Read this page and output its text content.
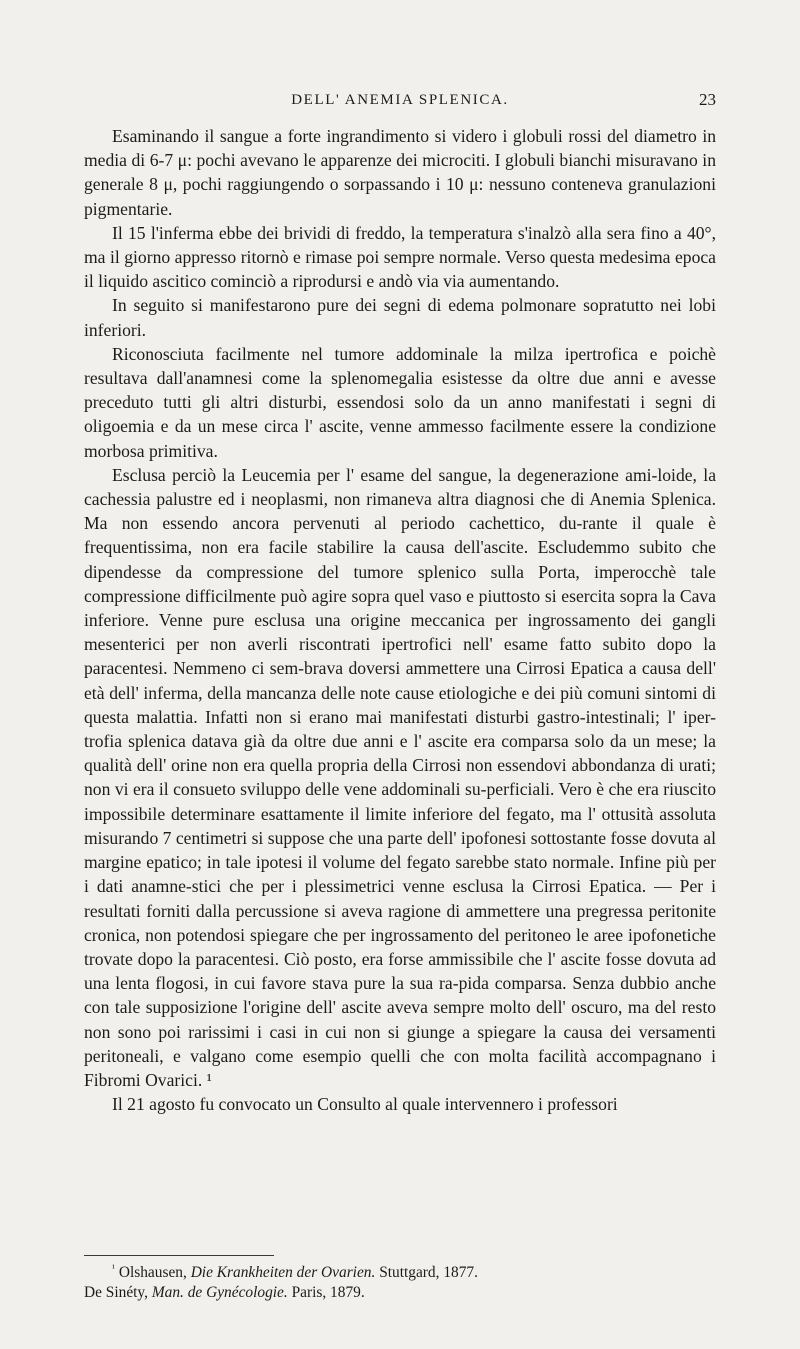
DELL' ANEMIA SPLENICA.	23

Esaminando il sangue a forte ingrandimento si videro i globuli rossi del diametro in media di 6-7 μ: pochi avevano le apparenze dei microciti. I globuli bianchi misuravano in generale 8 μ, pochi raggiungendo o sorpassando i 10 μ: nessuno conteneva granulazioni pigmentarie.

Il 15 l'inferma ebbe dei brividi di freddo, la temperatura s'inalzò alla sera fino a 40°, ma il giorno appresso ritornò e rimase poi sempre normale. Verso questa medesima epoca il liquido ascitico cominciò a riprodursi e andò via via aumentando.

In seguito si manifestarono pure dei segni di edema polmonare sopratutto nei lobi inferiori.

Riconosciuta facilmente nel tumore addominale la milza ipertrofica e poichè resultava dall'anamnesi come la splenomegalia esistesse da oltre due anni e avesse preceduto tutti gli altri disturbi, essendosi solo da un anno manifestati i segni di oligoemia e da un mese circa l' ascite, venne ammesso facilmente essere la condizione morbosa primitiva.

Esclusa perciò la Leucemia per l' esame del sangue, la degenerazione ami-loide, la cachessia palustre ed i neoplasmi, non rimaneva altra diagnosi che di Anemia Splenica. Ma non essendo ancora pervenuti al periodo cachettico, du-rante il quale è frequentissima, non era facile stabilire la causa dell'ascite. Escludemmo subito che dipendesse da compressione del tumore splenico sulla Porta, imperocchè tale compressione difficilmente può agire sopra quel vaso e piuttosto si esercita sopra la Cava inferiore. Venne pure esclusa una origine meccanica per ingrossamento dei gangli mesenterici per non averli riscontrati ipertrofici nell' esame fatto subito dopo la paracentesi. Nemmeno ci sem-brava doversi ammettere una Cirrosi Epatica a causa dell' età dell' inferma, della mancanza delle note cause etiologiche e dei più comuni sintomi di questa malattia. Infatti non si erano mai manifestati disturbi gastro-intestinali; l' iper-trofia splenica datava già da oltre due anni e l' ascite era comparsa solo da un mese; la qualità dell' orine non era quella propria della Cirrosi non essendovi abbondanza di urati; non vi era il consueto sviluppo delle vene addominali su-perficiali. Vero è che era riuscito impossibile determinare esattamente il limite inferiore del fegato, ma l' ottusità assoluta misurando 7 centimetri si suppose che una parte dell' ipofonesi sottostante fosse dovuta al margine epatico; in tale ipotesi il volume del fegato sarebbe stato normale. Infine più per i dati anamne-stici che per i plessimetrici venne esclusa la Cirrosi Epatica. — Per i resultati forniti dalla percussione si aveva ragione di ammettere una pregressa peritonite cronica, non potendosi spiegare che per ingrossamento del peritoneo le aree ipofonetiche trovate dopo la paracentesi. Ciò posto, era forse ammissibile che l' ascite fosse dovuta ad una lenta flogosi, in cui favore stava pure la sua ra-pida comparsa. Senza dubbio anche con tale supposizione l'origine dell' ascite aveva sempre molto dell' oscuro, ma del resto non sono poi rarissimi i casi in cui non si giunge a spiegare la causa dei versamenti peritoneali, e valgano come esempio quelli che con molta facilità accompagnano i Fibromi Ovarici. ¹

Il 21 agosto fu convocato un Consulto al quale intervennero i professori

$^{^1}$ Olshausen, Die Krankheiten der Ovarien. Stuttgard, 1877.

De Sinéty, Man. de Gynécologie. Paris, 1879.
